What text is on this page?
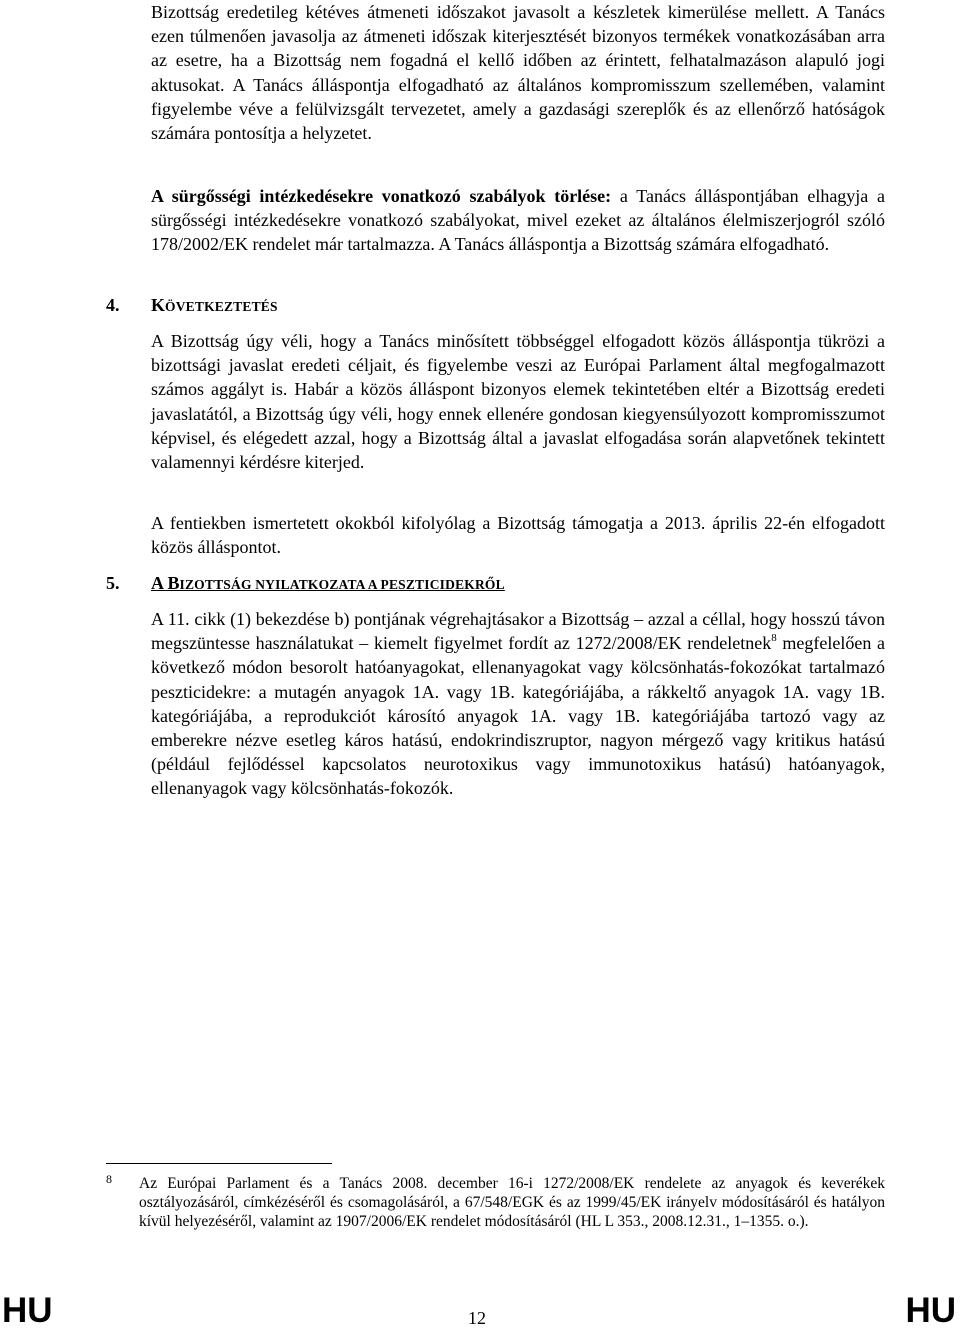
Bizottság eredetileg kétéves átmeneti időszakot javasolt a készletek kimerülése mellett. A Tanács ezen túlmenően javasolja az átmeneti időszak kiterjesztését bizonyos termékek vonatkozásában arra az esetre, ha a Bizottság nem fogadná el kellő időben az érintett, felhatalmazáson alapuló jogi aktusokat. A Tanács álláspontja elfogadható az általános kompromisszum szellemében, valamint figyelembe véve a felülvizsgált tervezetet, amely a gazdasági szereplők és az ellenőrző hatóságok számára pontosítja a helyzetet.
A sürgősségi intézkedésekre vonatkozó szabályok törlése: a Tanács álláspontjában elhagyja a sürgősségi intézkedésekre vonatkozó szabályokat, mivel ezeket az általános élelmiszerjogról szóló 178/2002/EK rendelet már tartalmazza. A Tanács álláspontja a Bizottság számára elfogadható.
4. KÖVETKEZTETÉS
A Bizottság úgy véli, hogy a Tanács minősített többséggel elfogadott közös álláspontja tükrözi a bizottsági javaslat eredeti céljait, és figyelembe veszi az Európai Parlament által megfogalmazott számos aggályt is. Habár a közös álláspont bizonyos elemek tekintetében eltér a Bizottság eredeti javaslatától, a Bizottság úgy véli, hogy ennek ellenére gondosan kiegyensúlyozott kompromisszumot képvisel, és elégedett azzal, hogy a Bizottság által a javaslat elfogadása során alapvetőnek tekintett valamennyi kérdésre kiterjed.
A fentiekben ismertetett okokból kifolyólag a Bizottság támogatja a 2013. április 22-én elfogadott közös álláspontot.
5. A BIZOTTSÁG NYILATKOZATA A PESZTICIDEKRŐL
A 11. cikk (1) bekezdése b) pontjának végrehajtásakor a Bizottság – azzal a céllal, hogy hosszú távon megszüntesse használatukat – kiemelt figyelmet fordít az 1272/2008/EK rendeletnek$^8$ megfelelően a következő módon besorolt hatóanyagokat, ellenanyagokat vagy kölcsönhatás-fokozókat tartalmazó peszticidekre: a mutagén anyagok 1A. vagy 1B. kategóriájába, a rákkeltő anyagok 1A. vagy 1B. kategóriájába, a reprodukciót károsító anyagok 1A. vagy 1B. kategóriájába tartozó vagy az emberekre nézve esetleg káros hatású, endokrindiszruptor, nagyon mérgező vagy kritikus hatású (például fejlődéssel kapcsolatos neurotoxikus vagy immunotoxikus hatású) hatóanyagok, ellenanyagok vagy kölcsönhatás-fokozók.
8 Az Európai Parlament és a Tanács 2008. december 16-i 1272/2008/EK rendelete az anyagok és keverékek osztályozásáról, címkézéséről és csomagolásáról, a 67/548/EGK és az 1999/45/EK irányelv módosításáról és hatályon kívül helyezéséről, valamint az 1907/2006/EK rendelet módosításáról (HL L 353., 2008.12.31., 1–1355. o.).
HU	12	HU
